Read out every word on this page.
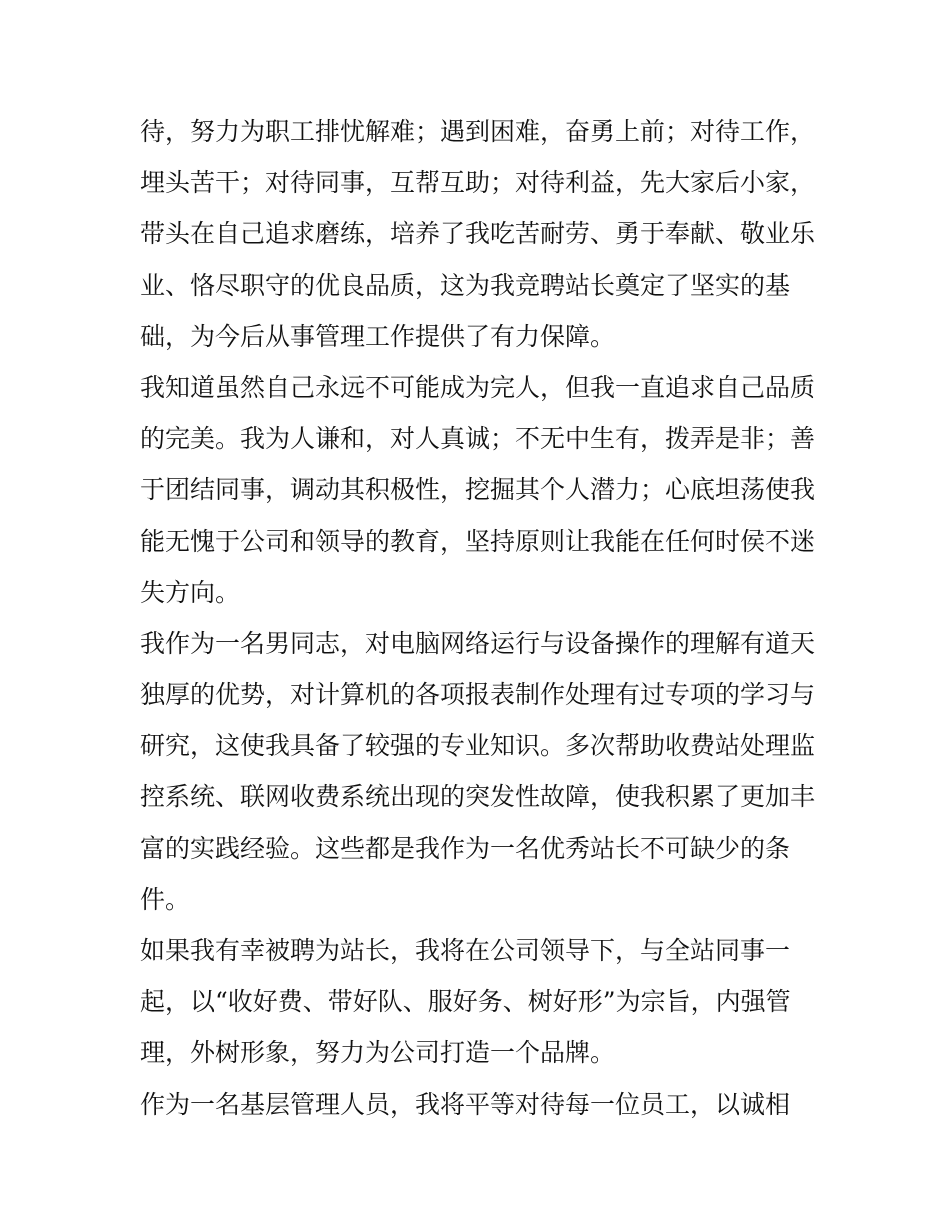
待，努力为职工排忧解难；遇到困难，奋勇上前；对待工作，
埋头苦干；对待同事，互帮互助；对待利益，先大家后小家，
带头在自己追求磨练，培养了我吃苦耐劳、勇于奉献、敬业乐
业、恪尽职守的优良品质，这为我竞聘站长奠定了坚实的基
础，为今后从事管理工作提供了有力保障。
我知道虽然自己永远不可能成为完人，但我一直追求自己品质
的完美。我为人谦和，对人真诚；不无中生有，拨弄是非；善
于团结同事，调动其积极性，挖掘其个人潜力；心底坦荡使我
能无愧于公司和领导的教育，坚持原则让我能在任何时侯不迷
失方向。
我作为一名男同志，对电脑网络运行与设备操作的理解有道天
独厚的优势，对计算机的各项报表制作处理有过专项的学习与
研究，这使我具备了较强的专业知识。多次帮助收费站处理监
控系统、联网收费系统出现的突发性故障，使我积累了更加丰
富的实践经验。这些都是我作为一名优秀站长不可缺少的条
件。
如果我有幸被聘为站长，我将在公司领导下，与全站同事一
起，以“收好费、带好队、服好务、树好形”为宗旨，内强管
理，外树形象，努力为公司打造一个品牌。
作为一名基层管理人员，我将平等对待每一位员工，以诚相
